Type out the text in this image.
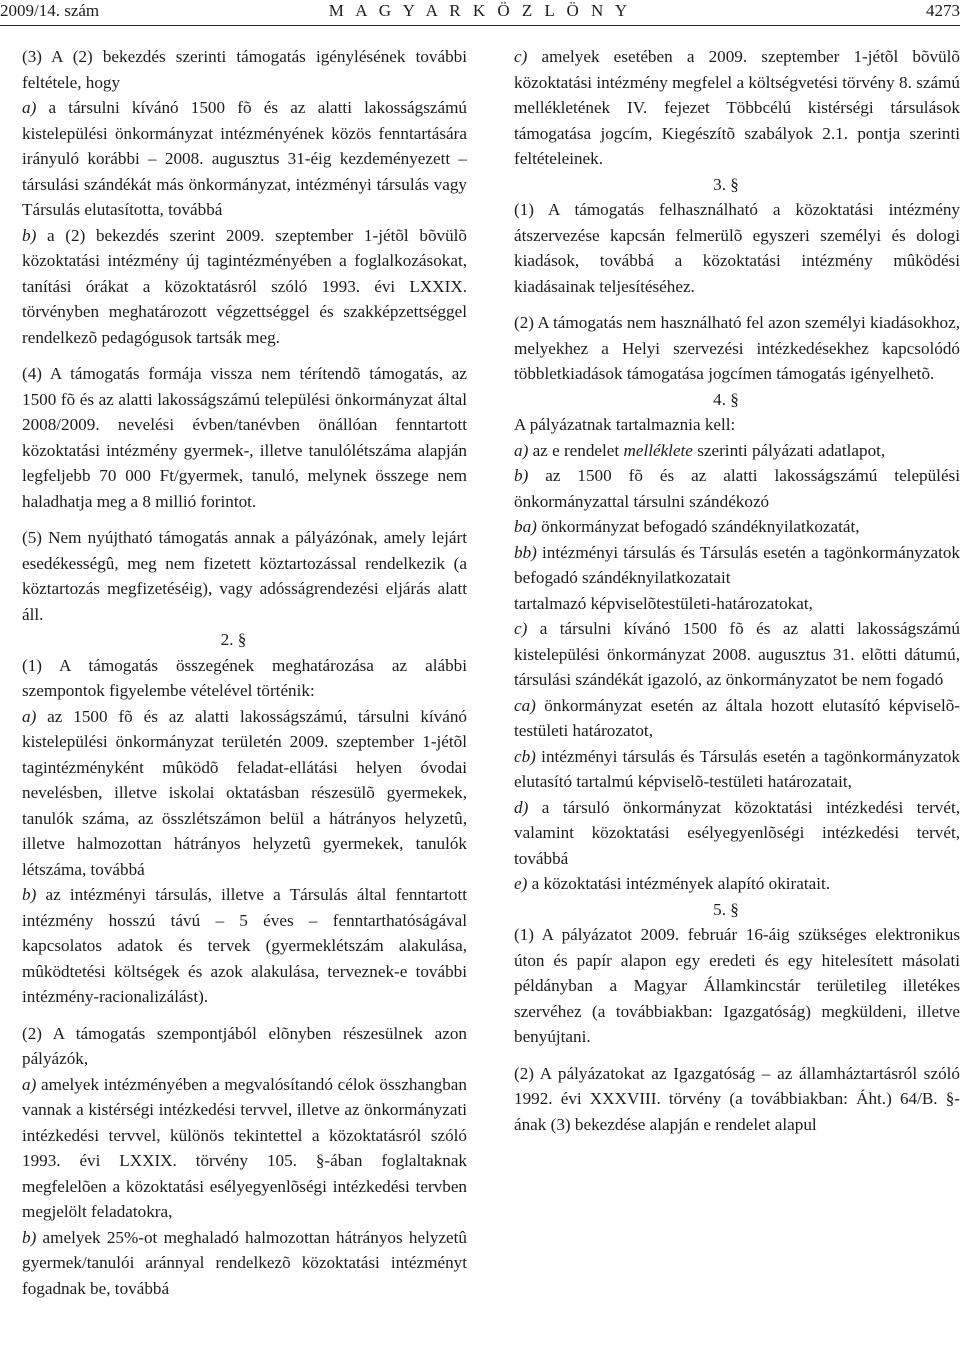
2009/14. szám	M A G Y A R K Ö Z L Ö N Y	4273

(3) A (2) bekezdés szerinti támogatás igénylésének további feltétele, hogy

a) a társulni kívánó 1500 fõ és az alatti lakosságszámú kistelepülési önkormányzat intézményének közös fenntartására irányuló korábbi – 2008. augusztus 31-éig kezdeményezett – társulási szándékát más önkormányzat, intézményi társulás vagy Társulás elutasította, továbbá

b) a (2) bekezdés szerint 2009. szeptember 1-jétõl bõvülõ közoktatási intézmény új tagintézményében a foglalkozásokat, tanítási órákat a közoktatásról szóló 1993. évi LXXIX. törvényben meghatározott végzettséggel és szakképzettséggel rendelkezõ pedagógusok tartsák meg.

(4) A támogatás formája vissza nem térítendõ támogatás, az 1500 fõ és az alatti lakosságszámú települési önkormányzat által 2008/2009. nevelési évben/tanévben önállóan fenntartott közoktatási intézmény gyermek-, illetve tanulólétszáma alapján legfeljebb 70 000 Ft/gyermek, tanuló, melynek összege nem haladhatja meg a 8 millió forintot.

(5) Nem nyújtható támogatás annak a pályázónak, amely lejárt esedékességû, meg nem fizetett köztartozással rendelkezik (a köztartozás megfizetéséig), vagy adósságrendezési eljárás alatt áll.

2. §

(1) A támogatás összegének meghatározása az alábbi szempontok figyelembe vételével történik:

a) az 1500 fõ és az alatti lakosságszámú, társulni kívánó kistelepülési önkormányzat területén 2009. szeptember 1-jétõl tagintézményként mûködõ feladat-ellátási helyen óvodai nevelésben, illetve iskolai oktatásban részesülõ gyermekek, tanulók száma, az összlétszámon belül a hátrányos helyzetû, illetve halmozottan hátrányos helyzetû gyermekek, tanulók létszáma, továbbá

b) az intézményi társulás, illetve a Társulás által fenntartott intézmény hosszú távú – 5 éves – fenntarthatóságával kapcsolatos adatok és tervek (gyermeklétszám alakulása, mûködtetési költségek és azok alakulása, terveznek-e további intézmény-racionalizálást).

(2) A támogatás szempontjából elõnyben részesülnek azon pályázók,

a) amelyek intézményében a megvalósítandó célok összhangban vannak a kistérségi intézkedési tervvel, illetve az önkormányzati intézkedési tervvel, különös tekintettel a közoktatásról szóló 1993. évi LXXIX. törvény 105. §-ában foglaltaknak megfelelõen a közoktatási esélyegyenlõségi intézkedési tervben megjelölt feladatokra,

b) amelyek 25%-ot meghaladó halmozottan hátrányos helyzetû gyermek/tanulói aránnyal rendelkezõ közoktatási intézményt fogadnak be, továbbá

c) amelyek esetében a 2009. szeptember 1-jétõl bõvülõ közoktatási intézmény megfelel a költségvetési törvény 8. számú mellékletének IV. fejezet Többcélú kistérségi társulások támogatása jogcím, Kiegészítõ szabályok 2.1. pontja szerinti feltételeinek.

3. §

(1) A támogatás felhasználható a közoktatási intézmény átszervezése kapcsán felmerülõ egyszeri személyi és dologi kiadások, továbbá a közoktatási intézmény mûködési kiadásainak teljesítéséhez.

(2) A támogatás nem használható fel azon személyi kiadásokhoz, melyekhez a Helyi szervezési intézkedésekhez kapcsolódó többletkiadások támogatása jogcímen támogatás igényelhetõ.

4. §

A pályázatnak tartalmaznia kell:

a) az e rendelet melléklete szerinti pályázati adatlapot,

b) az 1500 fõ és az alatti lakosságszámú települési önkormányzattal társulni szándékozó

ba) önkormányzat befogadó szándéknyilatkozatát,

bb) intézményi társulás és Társulás esetén a tagönkormányzatok befogadó szándéknyilatkozatait

tartalmazó képviselõtestületi-határozatokat,

c) a társulni kívánó 1500 fõ és az alatti lakosságszámú kistelepülési önkormányzat 2008. augusztus 31. elõtti dátumú, társulási szándékát igazoló, az önkormányzatot be nem fogadó

ca) önkormányzat esetén az általa hozott elutasító képviselõ-testületi határozatot,

cb) intézményi társulás és Társulás esetén a tagönkormányzatok elutasító tartalmú képviselõ-testületi határozatait,

d) a társuló önkormányzat közoktatási intézkedési tervét, valamint közoktatási esélyegyenlõségi intézkedési tervét, továbbá

e) a közoktatási intézmények alapító okiratait.

5. §

(1) A pályázatot 2009. február 16-áig szükséges elektronikus úton és papír alapon egy eredeti és egy hitelesített másolati példányban a Magyar Államkincstár területileg illetékes szervéhez (a továbbiakban: Igazgatóság) megküldeni, illetve benyújtani.

(2) A pályázatokat az Igazgatóság – az államháztartásról szóló 1992. évi XXXVIII. törvény (a továbbiakban: Áht.) 64/B. §-ának (3) bekezdése alapján e rendelet alapul
